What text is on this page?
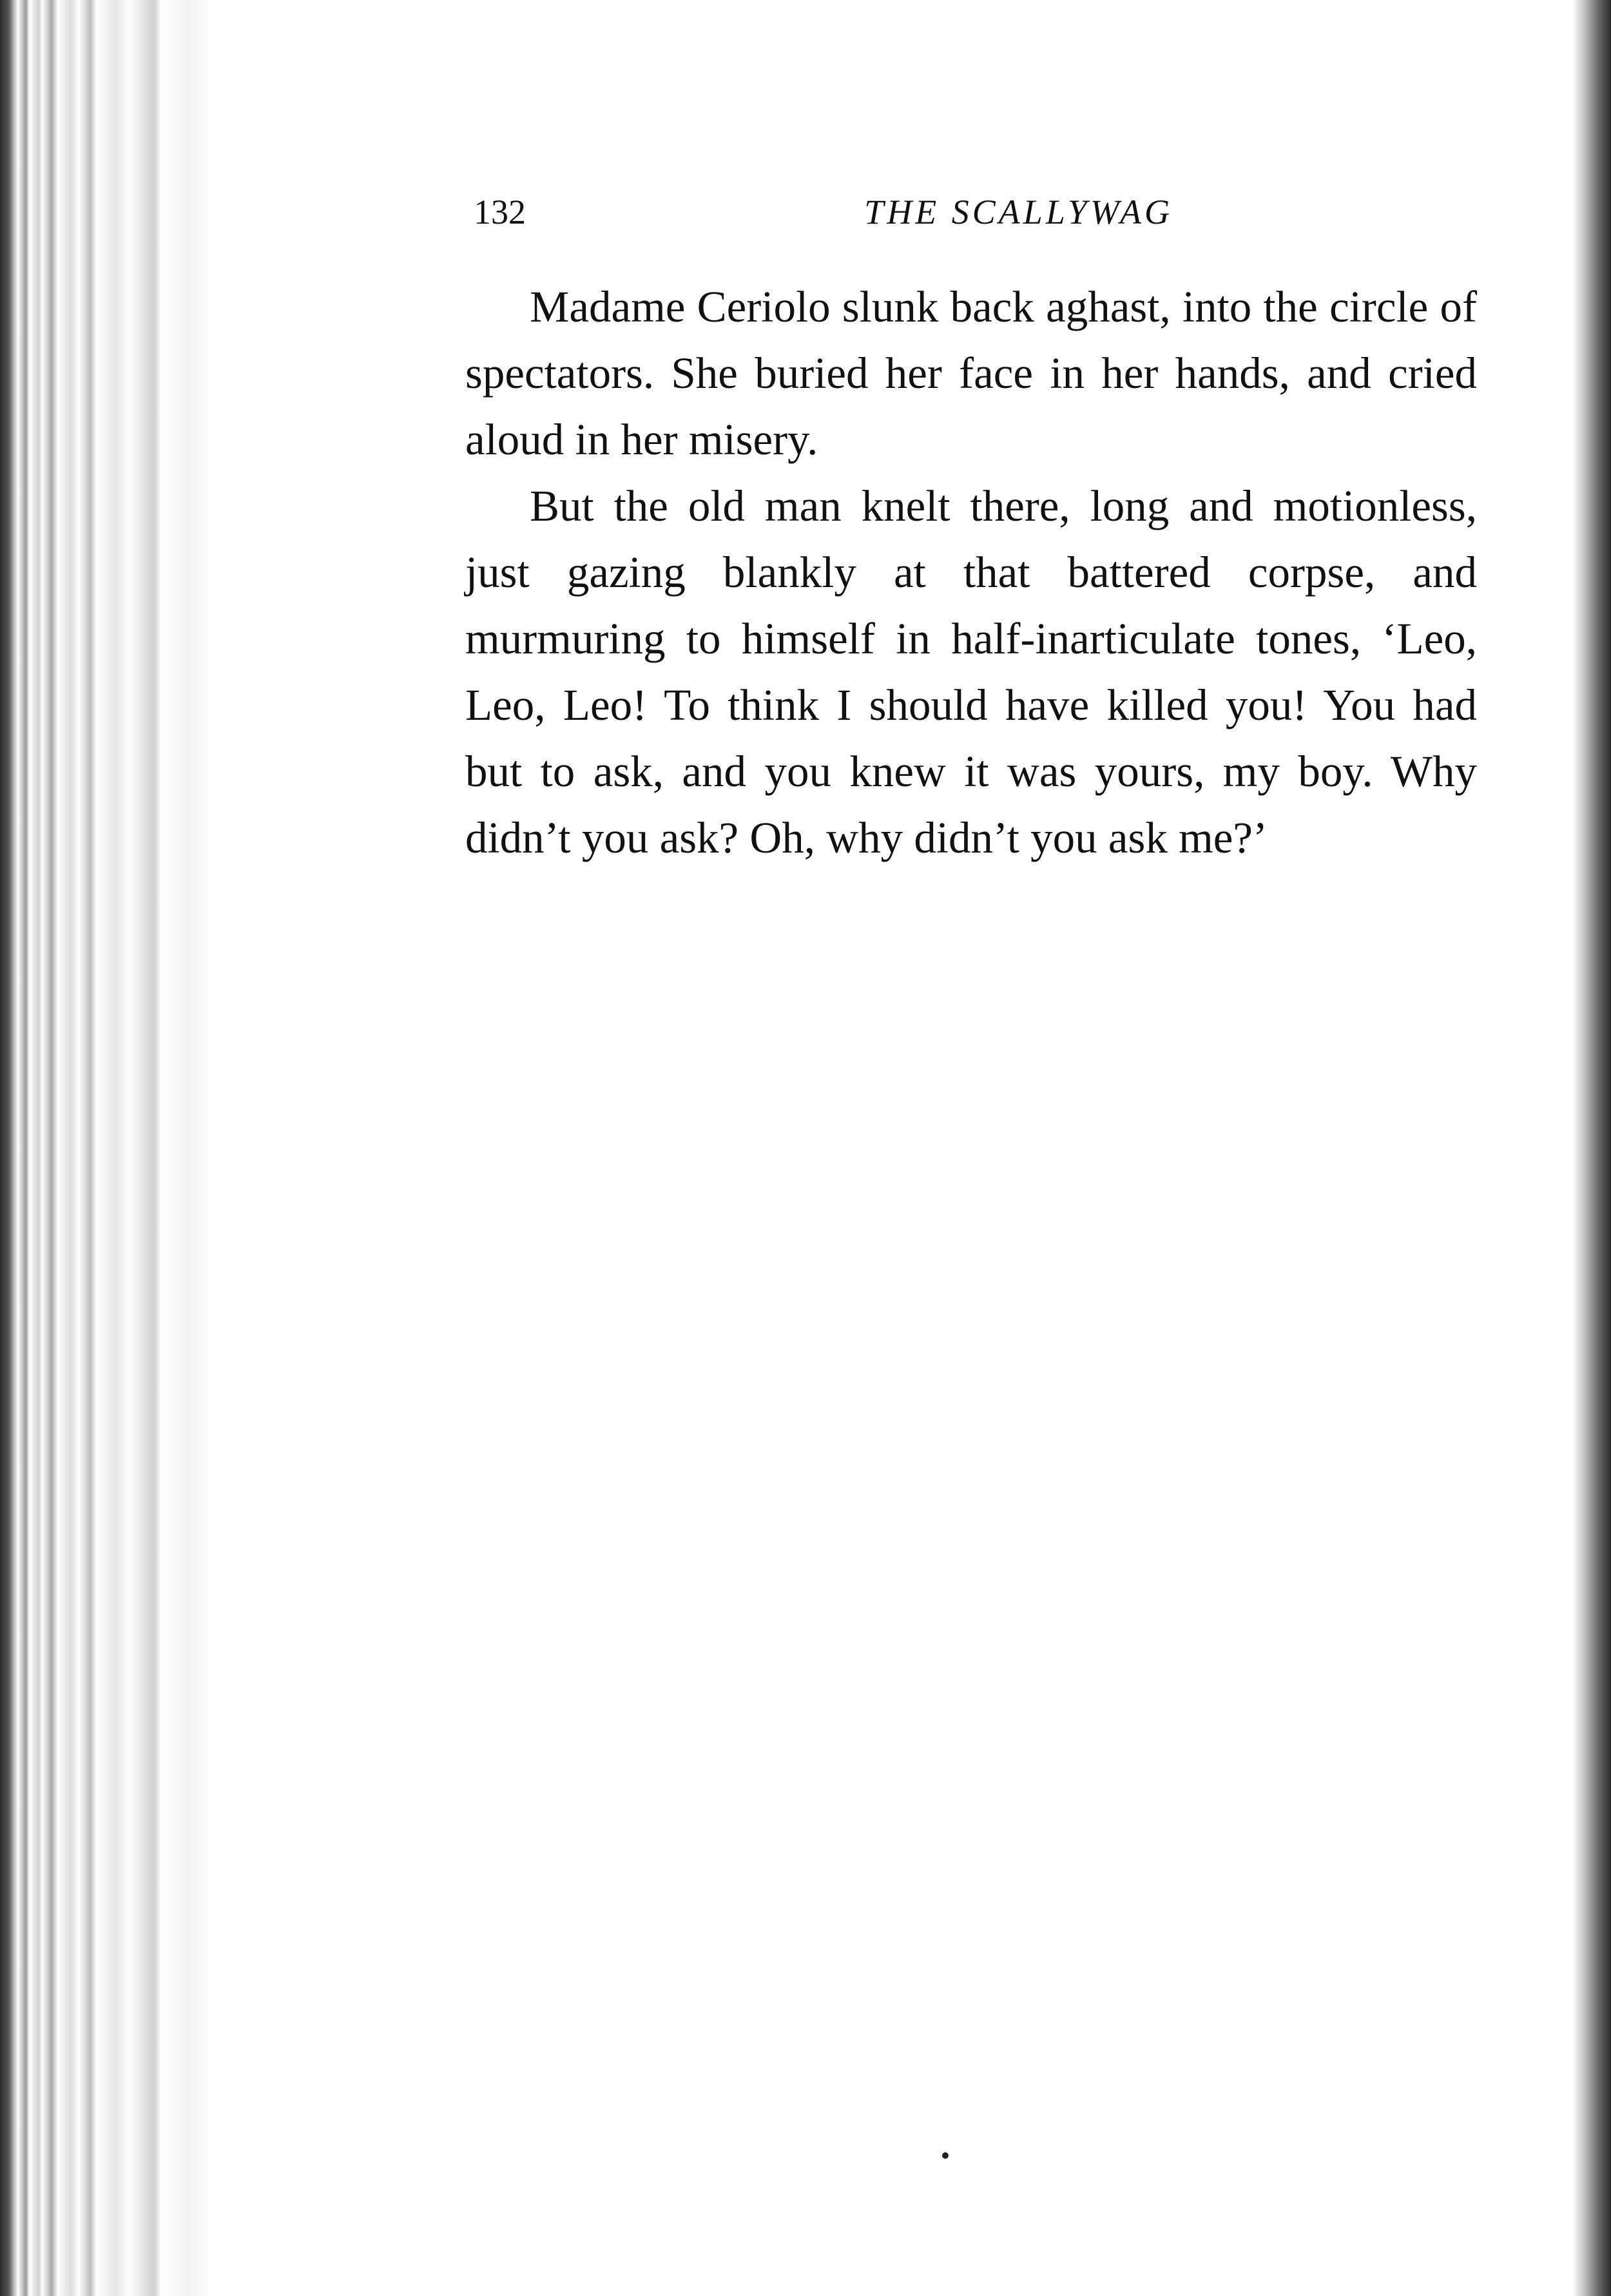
132	THE SCALLYWAG

Madame Ceriolo slunk back aghast, into the circle of spectators. She buried her face in her hands, and cried aloud in her misery.

But the old man knelt there, long and motionless, just gazing blankly at that battered corpse, and murmuring to himself in half-inarticulate tones, ‘Leo, Leo, Leo! To think I should have killed you! You had but to ask, and you knew it was yours, my boy. Why didn’t you ask? Oh, why didn’t you ask me?’
